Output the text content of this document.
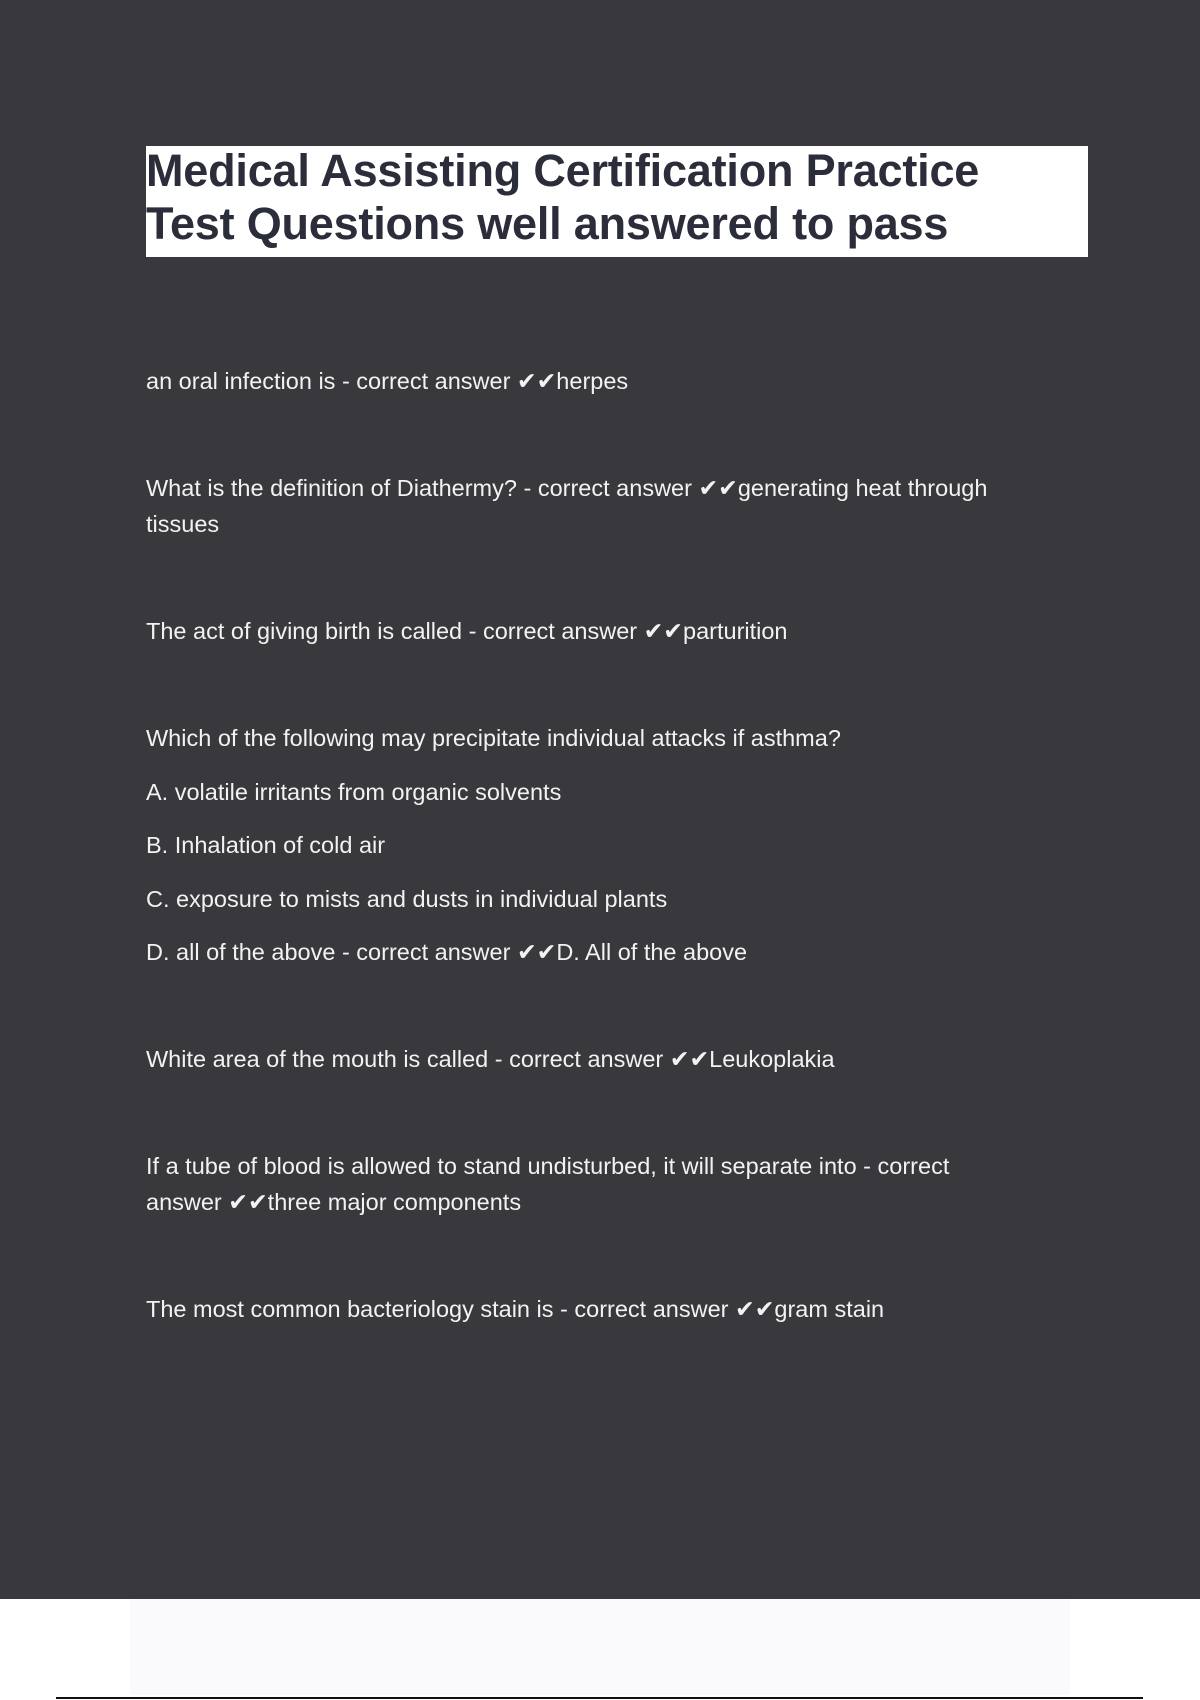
Medical Assisting Certification Practice
Test Questions well answered to pass

an oral infection is - correct answer ✔✔herpes

What is the definition of Diathermy? - correct answer ✔✔generating heat through
tissues

The act of giving birth is called - correct answer ✔✔parturition

Which of the following may precipitate individual attacks if asthma?

A. volatile irritants from organic solvents

B. Inhalation of cold air

C. exposure to mists and dusts in individual plants

D. all of the above - correct answer ✔✔D. All of the above

White area of the mouth is called - correct answer ✔✔Leukoplakia

If a tube of blood is allowed to stand undisturbed, it will separate into - correct
answer ✔✔three major components

The most common bacteriology stain is - correct answer ✔✔gram stain
